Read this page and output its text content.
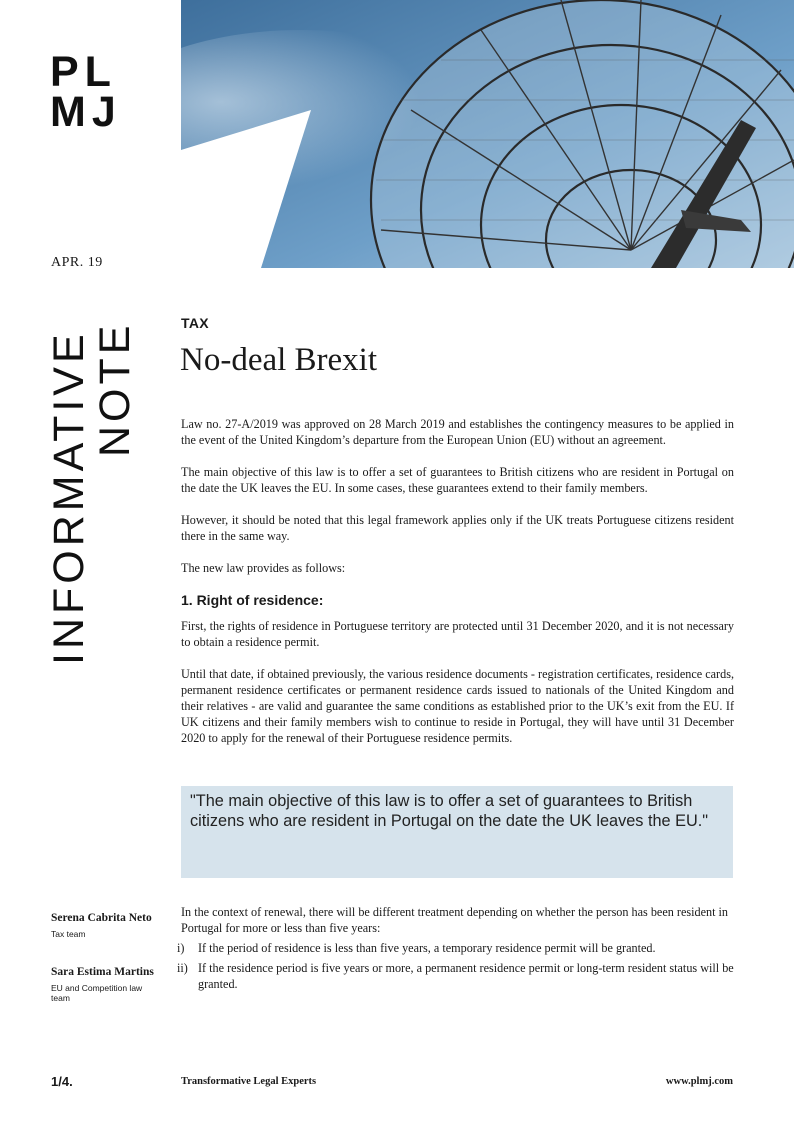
PL
MJ
APR. 19
INFORMATIVE
NOTE	TAX
No-deal Brexit

Law no. 27-A/2019 was approved on 28 March 2019 and establishes the contingency measures to be applied in the event of the United Kingdom’s departure from the European Union (EU) without an agreement.

The main objective of this law is to offer a set of guarantees to British citizens who are resident in Portugal on the date the UK leaves the EU. In some cases, these guarantees extend to their family members.

However, it should be noted that this legal framework applies only if the UK treats Portuguese citizens resident there in the same way.

The new law provides as follows:

1. Right of residence:

First, the rights of residence in Portuguese territory are protected until 31 December 2020, and it is not necessary to obtain a residence permit.

Until that date, if obtained previously, the various residence documents - registration certificates, residence cards, permanent residence certificates or permanent residence cards issued to nationals of the United Kingdom and their relatives - are valid and guarantee the same conditions as established prior to the UK’s exit from the EU. If UK citizens and their family members wish to continue to reside in Portugal, they will have until 31 December 2020 to apply for the renewal of their Portuguese residence permits.

"The main objective of this law is to offer a set of guarantees to British citizens who are resident in Portugal on the date the UK leaves the EU."

In the context of renewal, there will be different treatment depending on whether the person has been resident in Portugal for more or less than five years:

i)	If the period of residence is less than five years, a temporary residence permit will be granted.
ii) If the residence period is five years or more, a permanent residence permit or long-term resident status will be granted.
Serena Cabrita Neto
Tax team
Sara Estima Martins
EU and Competition law team
1/4.	Transformative Legal Experts	www.plmj.com
